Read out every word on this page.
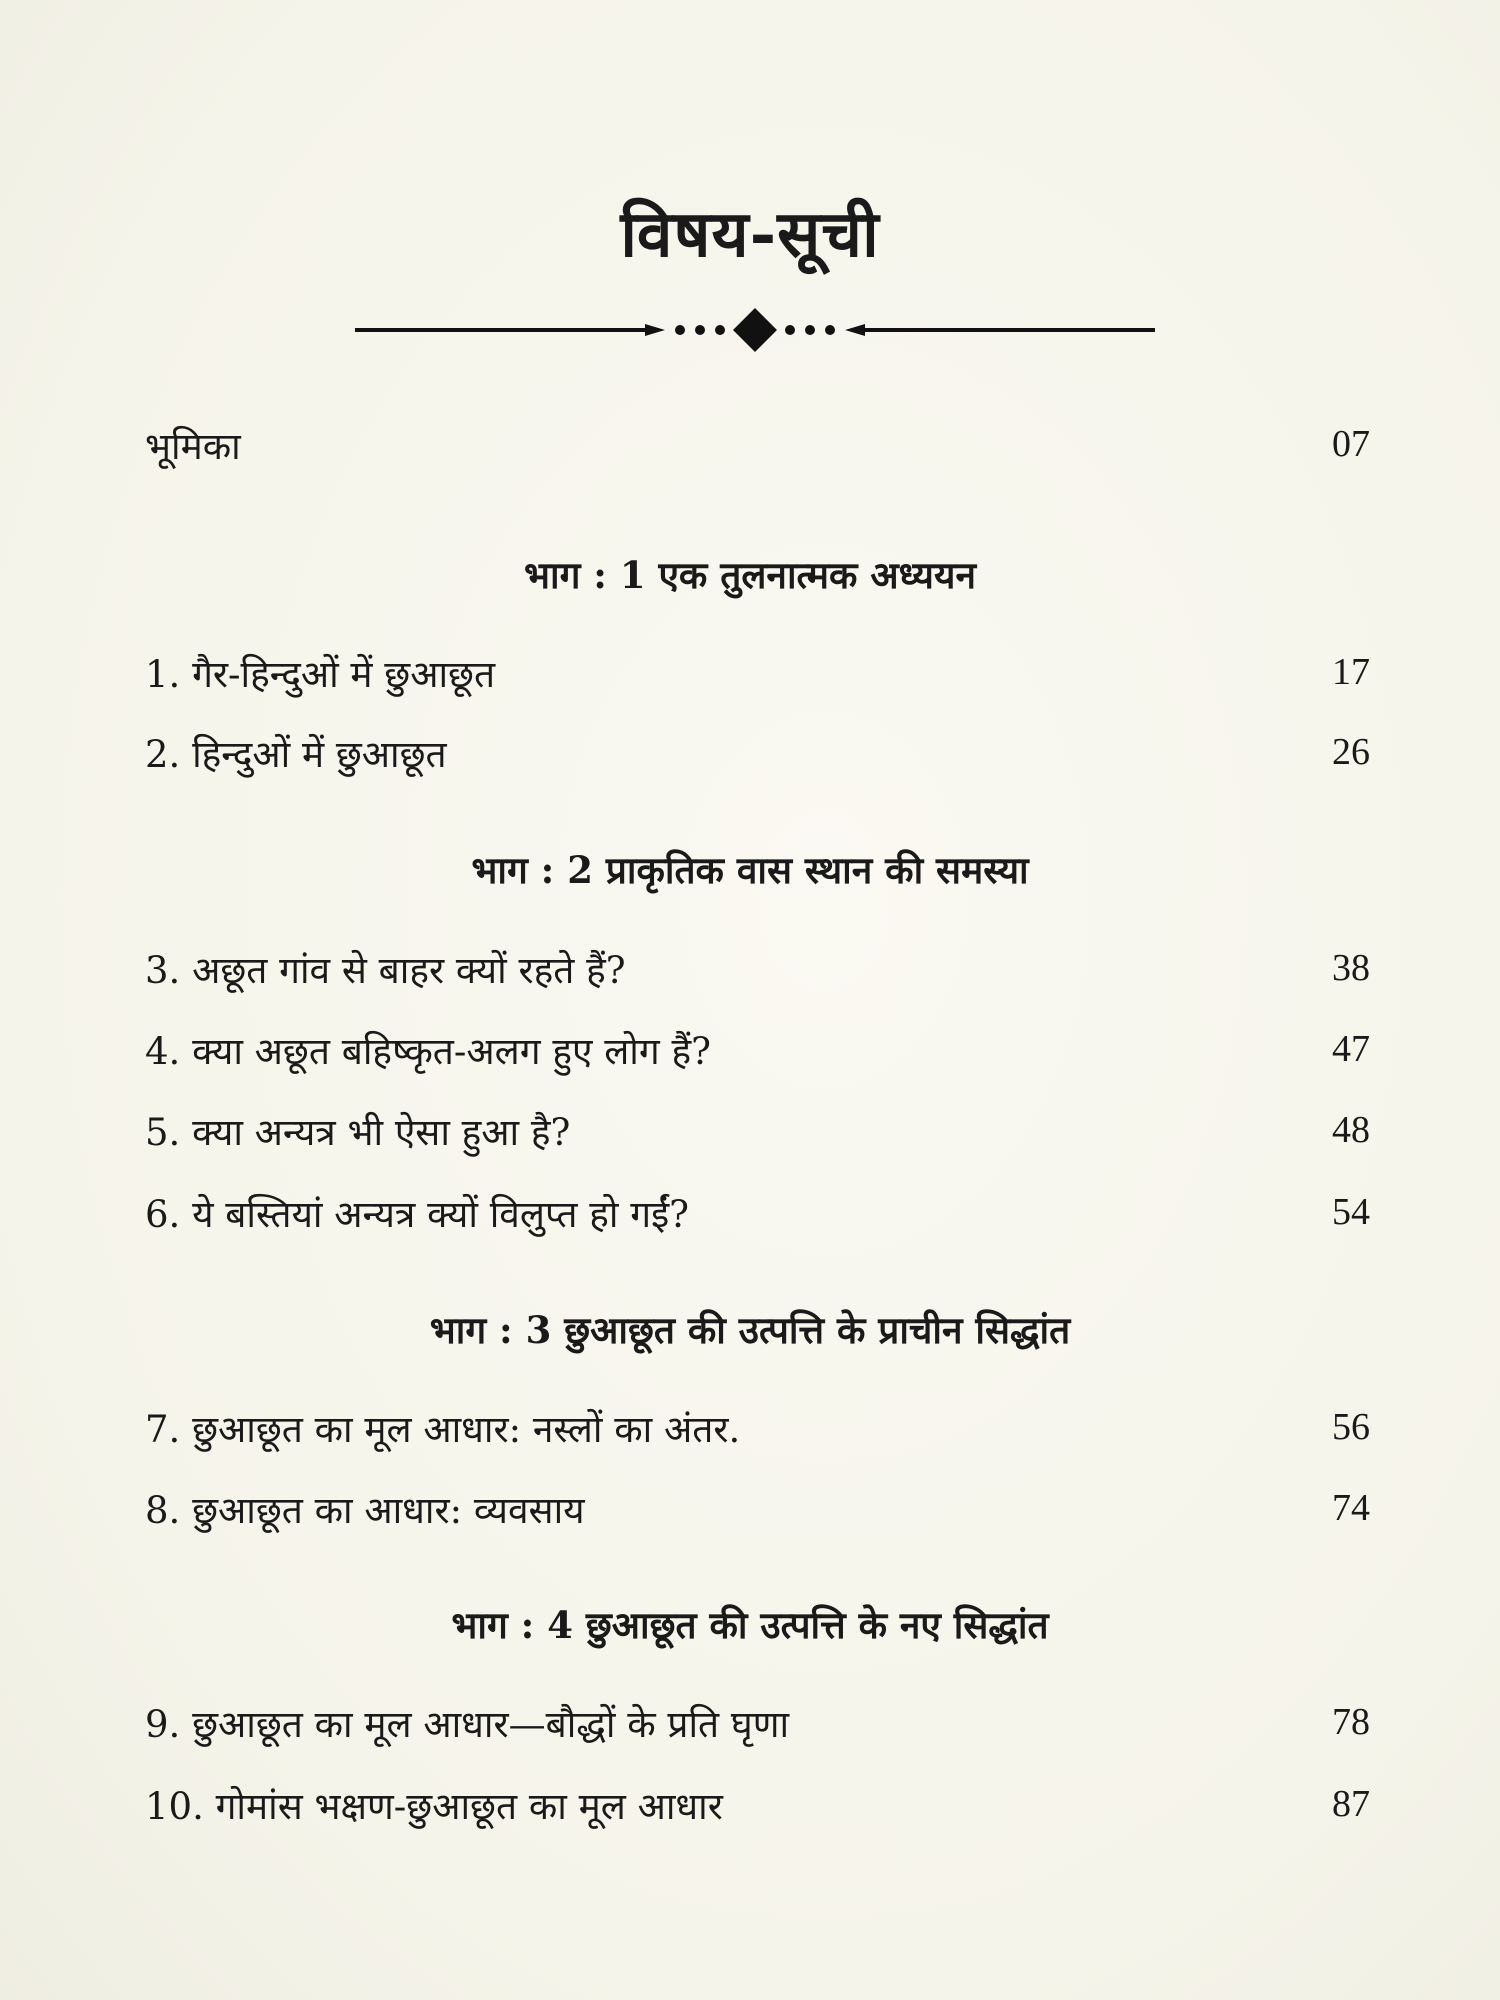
विषय-सूची
भूमिका	07
भाग : 1 एक तुलनात्मक अध्ययन
1. गैर-हिन्दुओं में छुआछूत	17
2. हिन्दुओं में छुआछूत	26
भाग : 2 प्राकृतिक वास स्थान की समस्या
3. अछूत गांव से बाहर क्यों रहते हैं?	38
4. क्या अछूत बहिष्कृत-अलग हुए लोग हैं?	47
5. क्या अन्यत्र भी ऐसा हुआ है?	48
6. ये बस्तियां अन्यत्र क्यों विलुप्त हो गईं?	54
भाग : 3 छुआछूत की उत्पत्ति के प्राचीन सिद्धांत
7. छुआछूत का मूल आधार: नस्लों का अंतर.	56
8. छुआछूत का आधार: व्यवसाय	74
भाग : 4 छुआछूत की उत्पत्ति के नए सिद्धांत
9. छुआछूत का मूल आधार—बौद्धों के प्रति घृणा	78
10. गोमांस भक्षण-छुआछूत का मूल आधार	87
